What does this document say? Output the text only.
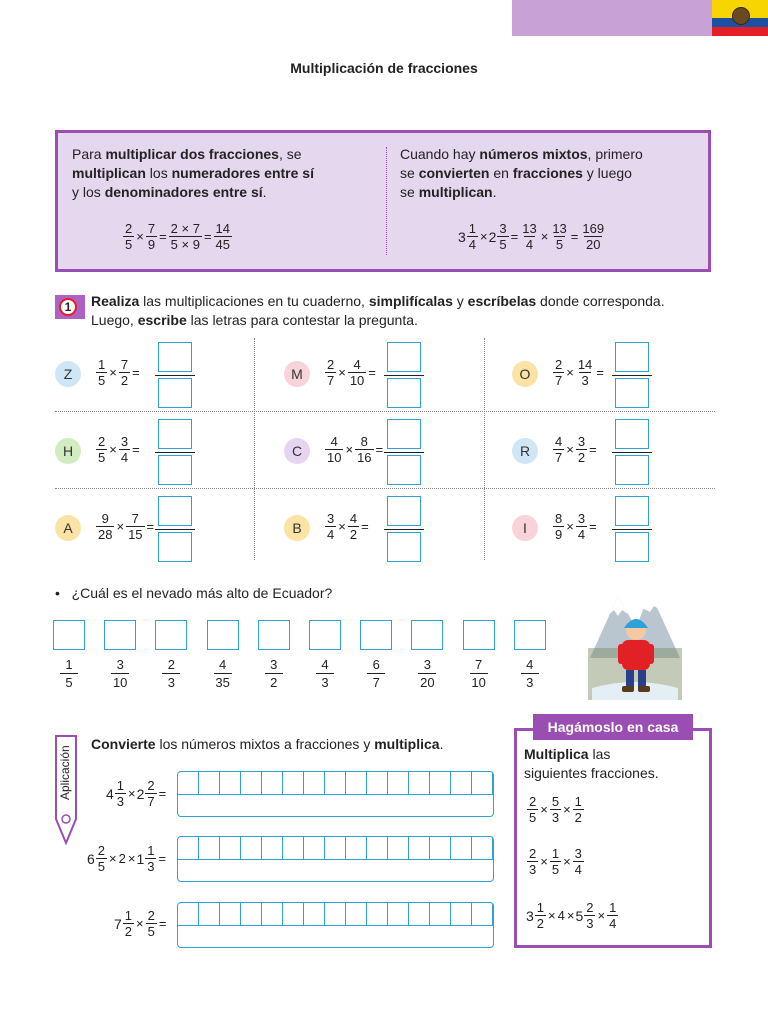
Multiplicación de fracciones
Para multiplicar dos fracciones, se
multiplican los numeradores entre sí
y los denominadores entre sí.
$\frac{2}{5} \times \frac{7}{9} = \frac{2 \times 7}{5 \times 9} = \frac{14}{45}$
Cuando hay números mixtos, primero
se convierten en fracciones y luego
se multiplican.
$3 \frac{1}{4} \times 2 \frac{3}{5} = \frac{13}{4} \times \frac{13}{5} = \frac{169}{20}$
1	Realiza las multiplicaciones en tu cuaderno, simplifícalas y escríbelas donde corresponda.
Luego, escribe las letras para contestar la pregunta.
Z	$\frac{1}{5} \times \frac{7}{2}$ =	M	$\frac{2}{7} \times \frac{4}{10}$ =	O	$\frac{2}{7} \times \frac{14}{3}$ =
H	$\frac{2}{5} \times \frac{3}{4}$ =	C	$\frac{4}{10} \times \frac{8}{16}$ =	R	$\frac{4}{7} \times \frac{3}{2}$ =
A	$\frac{9}{28} \times \frac{7}{15}$ =	B	$\frac{3}{4} \times \frac{4}{2}$ =	I	$\frac{8}{9} \times \frac{3}{4}$ =
• ¿Cuál es el nevado más alto de Ecuador?
1
5
3
10
2
3
4
35
3
2
4
3
6
7
3
20
7
10
4
3
Aplicación
Convierte los números mixtos a fracciones y multiplica.
$4 \frac{1}{3} \times 2 \frac{2}{7}$ =
$6 \frac{2}{5} \times 2 \times 1 \frac{1}{3}$ =
$7 \frac{1}{2} \times \frac{2}{5}$ =
Hagámoslo en casa
Multiplica las
siguientes fracciones.
$\frac{2}{5} \times \frac{5}{3} \times \frac{1}{2}$
$\frac{2}{3} \times \frac{1}{5} \times \frac{3}{4}$
$3 \frac{1}{2} \times 4 \times 5 \frac{2}{3} \times \frac{1}{4}$
